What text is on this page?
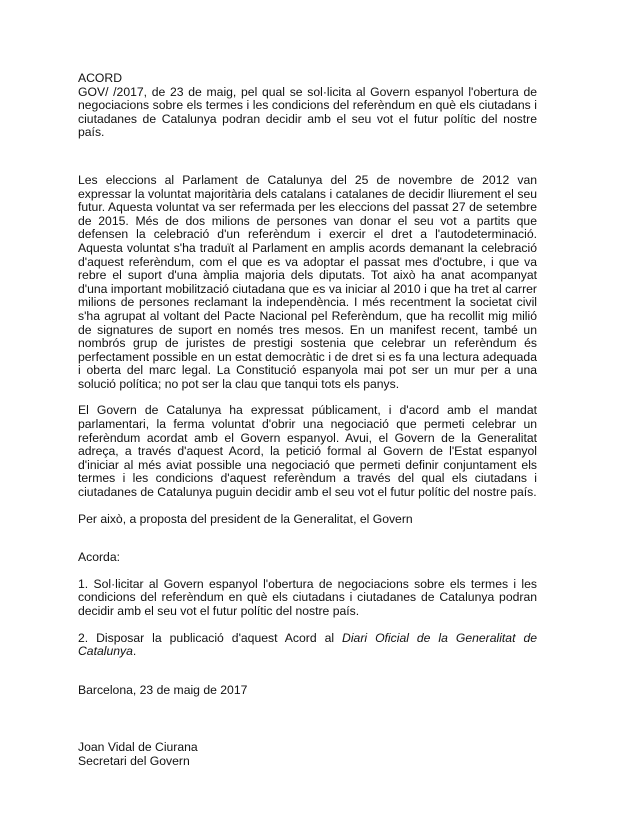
ACORD

GOV/ /2017, de 23 de maig, pel qual se sol·licita al Govern espanyol l'obertura de negociacions sobre els termes i les condicions del referèndum en què els ciutadans i ciutadanes de Catalunya podran decidir amb el seu vot el futur polític del nostre país.

Les eleccions al Parlament de Catalunya del 25 de novembre de 2012 van expressar la voluntat majoritària dels catalans i catalanes de decidir lliurement el seu futur. Aquesta voluntat va ser refermada per les eleccions del passat 27 de setembre de 2015. Més de dos milions de persones van donar el seu vot a partits que defensen la celebració d'un referèndum i exercir el dret a l'autodeterminació. Aquesta voluntat s'ha traduït al Parlament en amplis acords demanant la celebració d'aquest referèndum, com el que es va adoptar el passat mes d'octubre, i que va rebre el suport d'una àmplia majoria dels diputats. Tot això ha anat acompanyat d'una important mobilització ciutadana que es va iniciar al 2010 i que ha tret al carrer milions de persones reclamant la independència. I més recentment la societat civil s'ha agrupat al voltant del Pacte Nacional pel Referèndum, que ha recollit mig milió de signatures de suport en només tres mesos. En un manifest recent, també un nombrós grup de juristes de prestigi sostenia que celebrar un referèndum és perfectament possible en un estat democràtic i de dret si es fa una lectura adequada i oberta del marc legal. La Constitució espanyola mai pot ser un mur per a una solució política; no pot ser la clau que tanqui tots els panys.

El Govern de Catalunya ha expressat públicament, i d'acord amb el mandat parlamentari, la ferma voluntat d'obrir una negociació que permeti celebrar un referèndum acordat amb el Govern espanyol. Avui, el Govern de la Generalitat adreça, a través d'aquest Acord, la petició formal al Govern de l'Estat espanyol d'iniciar al més aviat possible una negociació que permeti definir conjuntament els termes i les condicions d'aquest referèndum a través del qual els ciutadans i ciutadanes de Catalunya puguin decidir amb el seu vot el futur polític del nostre país.

Per això, a proposta del president de la Generalitat, el Govern

Acorda:

1. Sol·licitar al Govern espanyol l'obertura de negociacions sobre els termes i les condicions del referèndum en què els ciutadans i ciutadanes de Catalunya podran decidir amb el seu vot el futur polític del nostre país.

2. Disposar la publicació d'aquest Acord al Diari Oficial de la Generalitat de Catalunya.

Barcelona, 23 de maig de 2017

Joan Vidal de Ciurana

Secretari del Govern
